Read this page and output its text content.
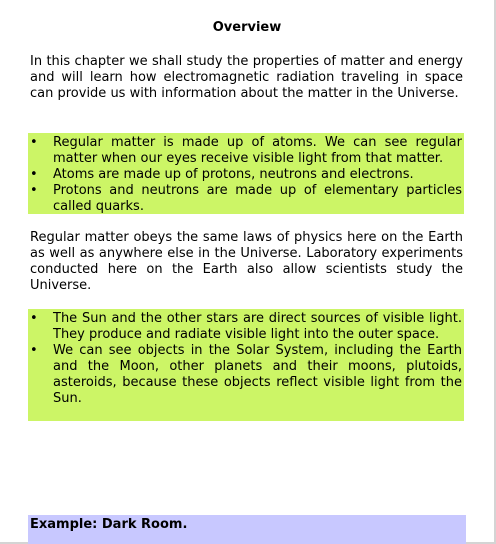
Overview

In this chapter we shall study the properties of matter and energy and will learn how electromagnetic radiation traveling in space can provide us with information about the matter in the Universe.

• Regular matter is made up of atoms. We can see regular matter when our eyes receive visible light from that matter.
• Atoms are made up of protons, neutrons and electrons.
• Protons and neutrons are made up of elementary particles called quarks.

Regular matter obeys the same laws of physics here on the Earth as well as anywhere else in the Universe. Laboratory experiments conducted here on the Earth also allow scientists study the Universe.

• The Sun and the other stars are direct sources of visible light. They produce and radiate visible light into the outer space.
• We can see objects in the Solar System, including the Earth and the Moon, other planets and their moons, plutoids, asteroids, because these objects reflect visible light from the Sun.

Example: Dark Room.
